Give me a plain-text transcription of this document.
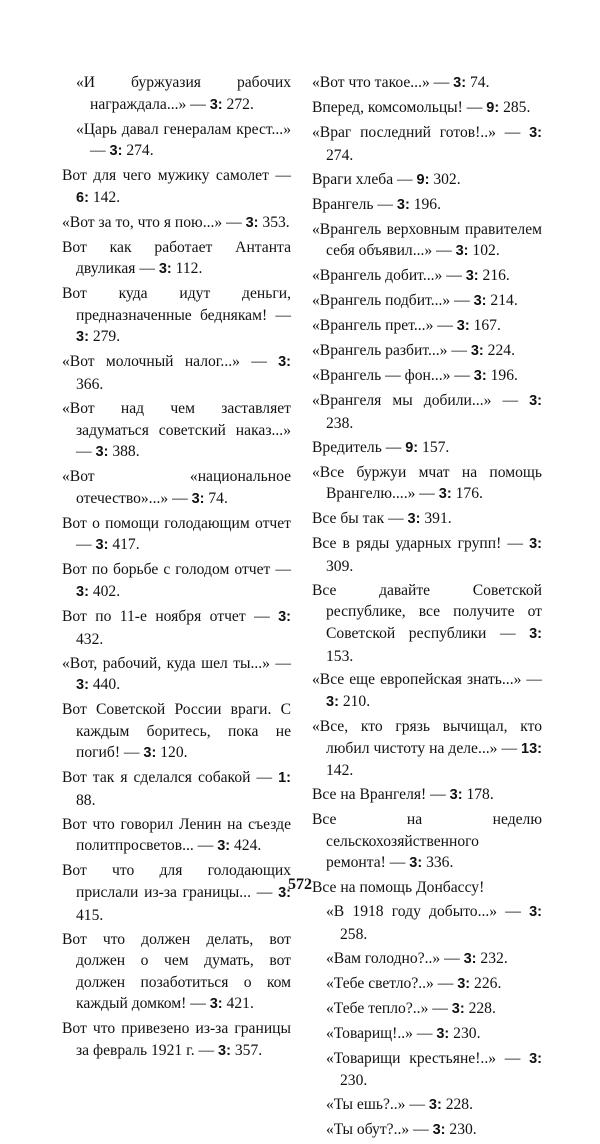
«И буржуазия рабочих награждала...» — 3: 272.

«Царь давал генералам крест...» — 3: 274.

Вот для чего мужику самолет — 6: 142.

«Вот за то, что я пою...» — 3: 353.

Вот как работает Антанта двуликая — 3: 112.

Вот куда идут деньги, предназначенные беднякам! — 3: 279.

«Вот молочный налог...» — 3: 366.

«Вот над чем заставляет задуматься советский наказ...» — 3: 388.

«Вот «национальное отечество»...» — 3: 74.

Вот о помощи голодающим отчет — 3: 417.

Вот по борьбе с голодом отчет — 3: 402.

Вот по 11-е ноября отчет — 3: 432.

«Вот, рабочий, куда шел ты...» — 3: 440.

Вот Советской России враги. С каждым боритесь, пока не погиб! — 3: 120.

Вот так я сделался собакой — 1: 88.

Вот что говорил Ленин на съезде политпросветов... — 3: 424.

Вот что для голодающих прислали из-за границы... — 3: 415.

Вот что должен делать, вот должен о чем думать, вот должен позаботиться о ком каждый домком! — 3: 421.

Вот что привезено из-за границы за февраль 1921 г. — 3: 357.

«Вот что такое...» — 3: 74.

Вперед, комсомольцы! — 9: 285.

«Враг последний готов!..» — 3: 274.

Враги хлеба — 9: 302.

Врангель — 3: 196.

«Врангель верховным правителем себя объявил...» — 3: 102.

«Врангель добит...» — 3: 216.

«Врангель подбит...» — 3: 214.

«Врангель прет...» — 3: 167.

«Врангель разбит...» — 3: 224.

«Врангель — фон...» — 3: 196.

«Врангеля мы добили...» — 3: 238.

Вредитель — 9: 157.

«Все буржуи мчат на помощь Врангелю....» — 3: 176.

Все бы так — 3: 391.

Все в ряды ударных групп! — 3: 309.

Все давайте Советской республике, все получите от Советской республики — 3: 153.

«Все еще европейская знать...» — 3: 210.

«Все, кто грязь вычищал, кто любил чистоту на деле...» — 13: 142.

Все на Врангеля! — 3: 178.

Все на неделю сельскохозяйственного ремонта! — 3: 336.

Все на помощь Донбассу!

«В 1918 году добыто...» — 3: 258.

«Вам голодно?..» — 3: 232.

«Тебе светло?..» — 3: 226.

«Тебе тепло?..» — 3: 228.

«Товарищ!..» — 3: 230.

«Товарищи крестьяне!..» — 3: 230.

«Ты ешь?..» — 3: 228.

«Ты обут?..» — 3: 230.

572
